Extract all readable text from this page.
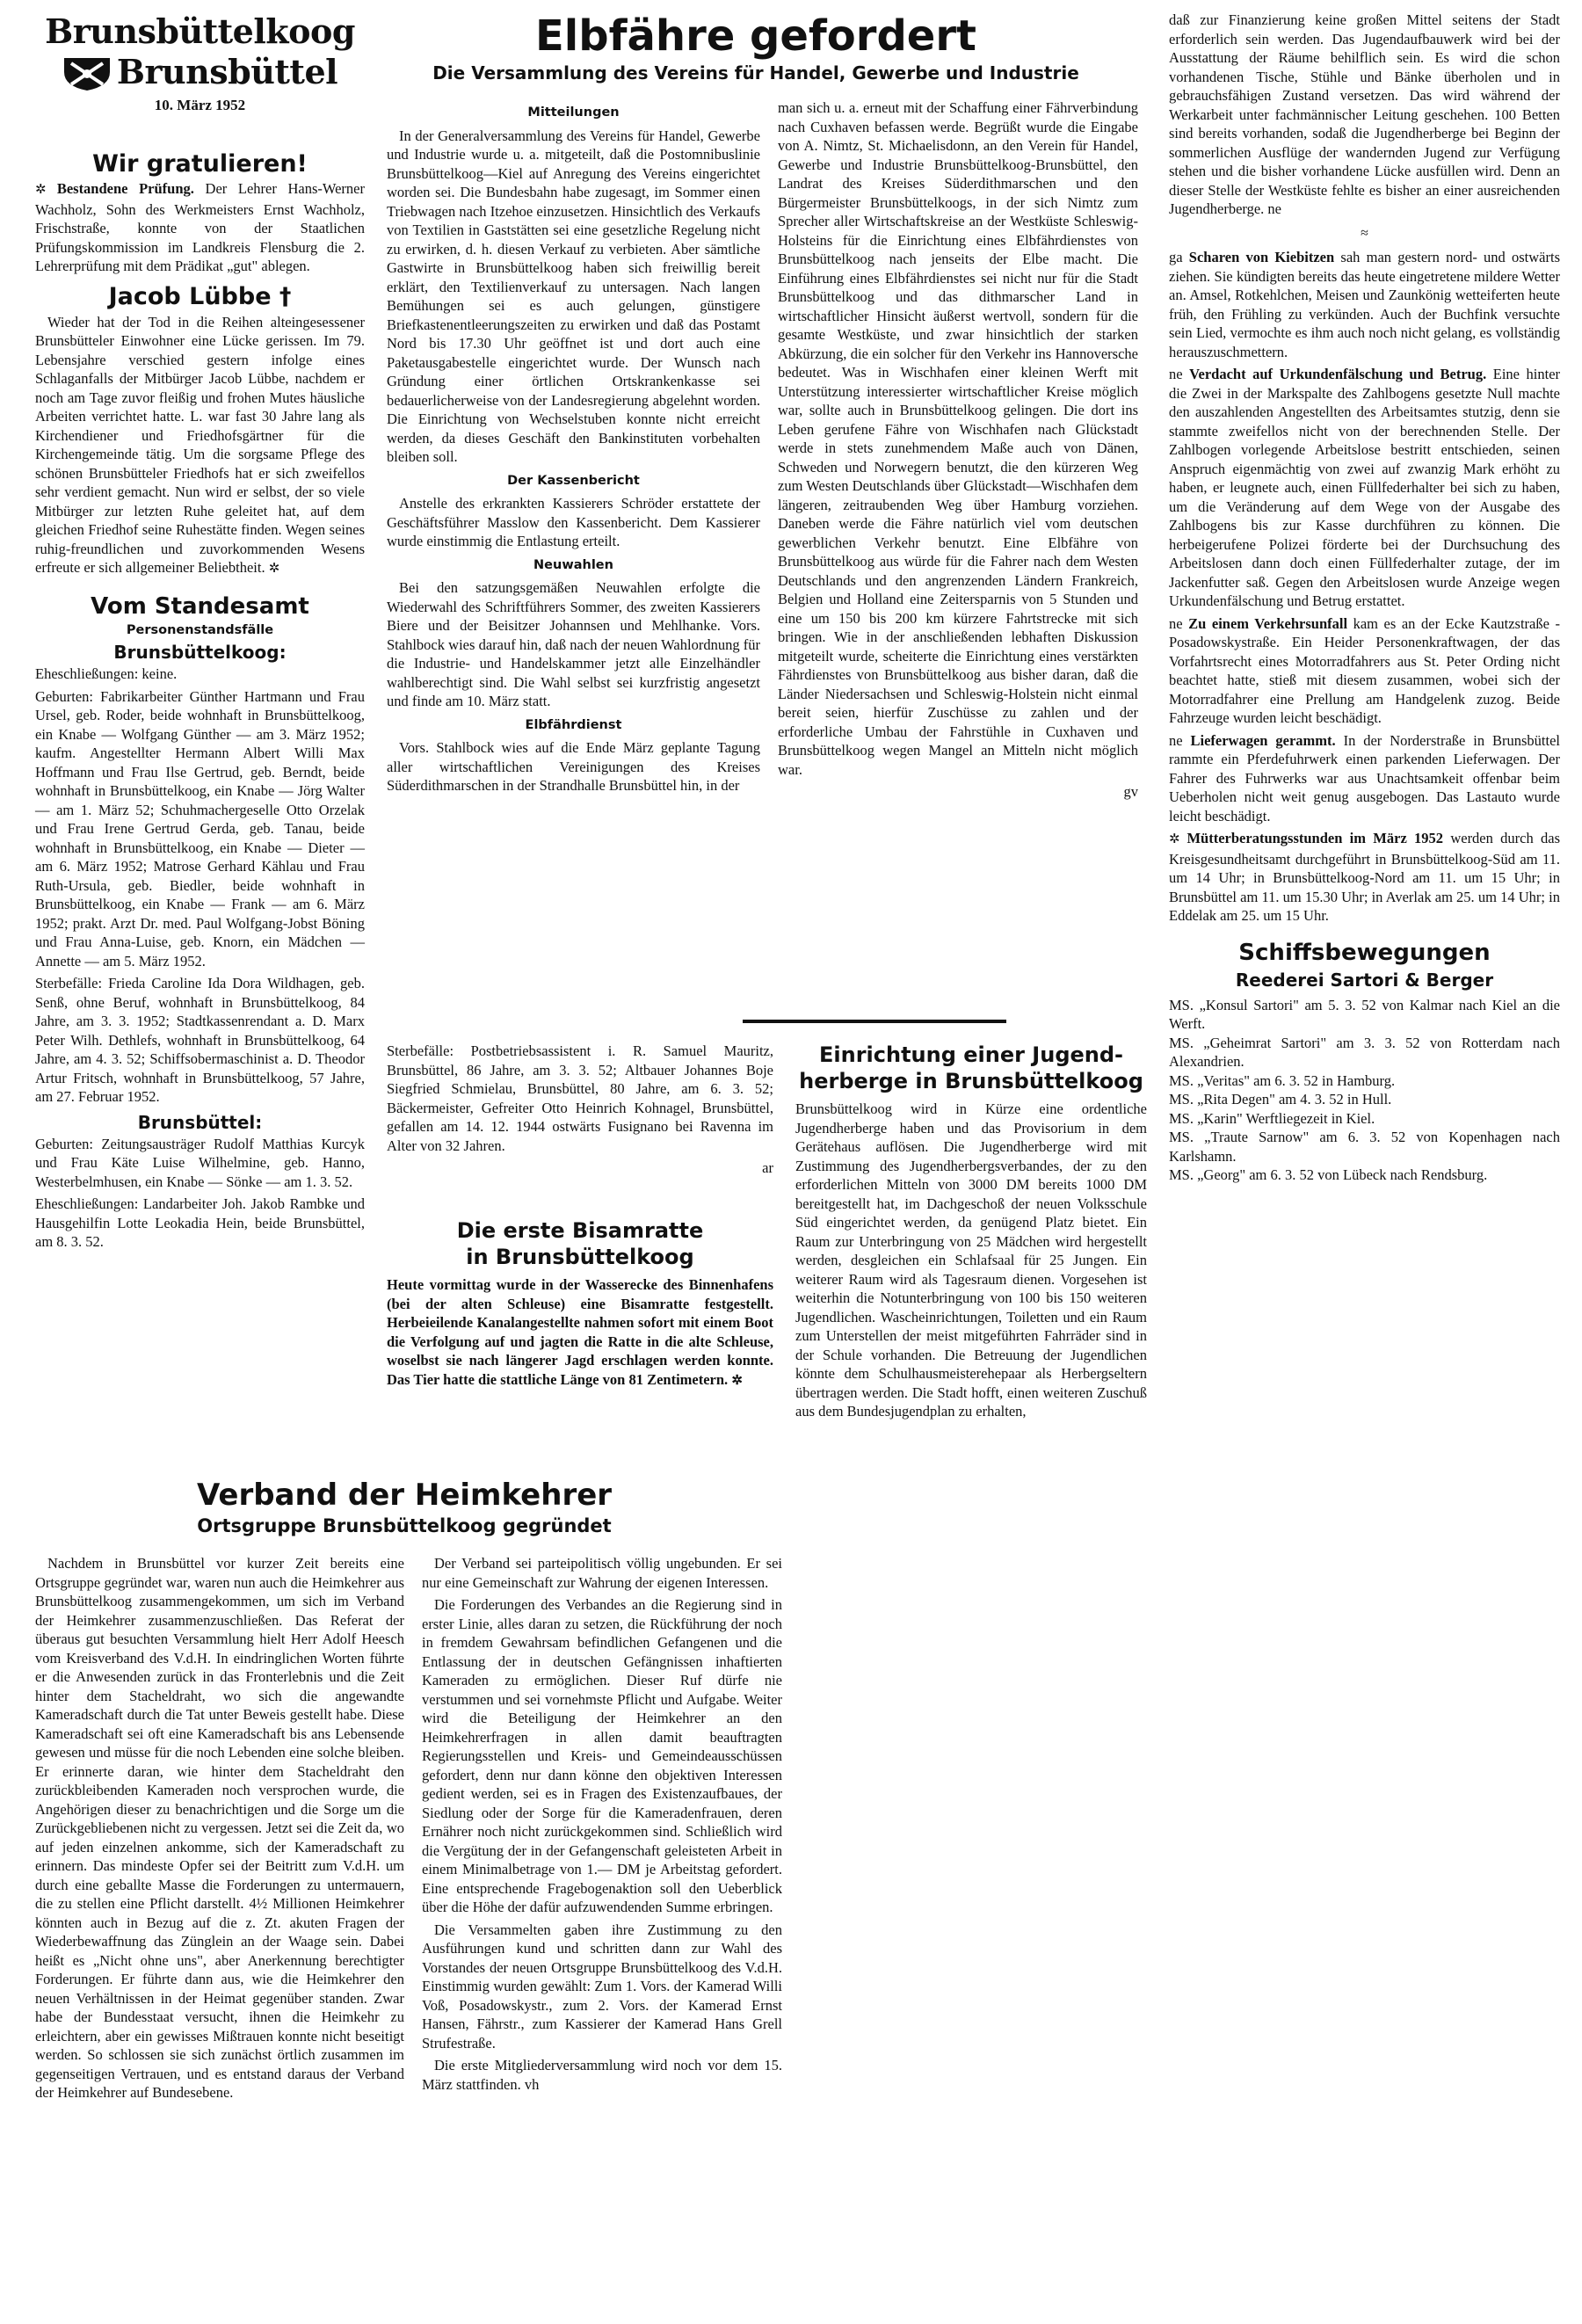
Brunsbüttelkoog
Brunsbüttel
10. März 1952
Wir gratulieren!

✲ Bestandene Prüfung. Der Lehrer Hans-Werner Wachholz, Sohn des Werkmeisters Ernst Wachholz, Frischstraße, konnte von der Staatlichen Prüfungskommission im Landkreis Flensburg die 2. Lehrerprüfung mit dem Prädikat „gut" ablegen.

Jacob Lübbe †

Wieder hat der Tod in die Reihen alteingesessener Brunsbütteler Einwohner eine Lücke gerissen. Im 79. Lebensjahre verschied gestern infolge eines Schlaganfalls der Mitbürger Jacob Lübbe, nachdem er noch am Tage zuvor fleißig und frohen Mutes häusliche Arbeiten verrichtet hatte. L. war fast 30 Jahre lang als Kirchendiener und Friedhofsgärtner für die Kirchengemeinde tätig. Um die sorgsame Pflege des schönen Brunsbütteler Friedhofs hat er sich zweifellos sehr verdient gemacht. Nun wird er selbst, der so viele Mitbürger zur letzten Ruhe geleitet hat, auf dem gleichen Friedhof seine Ruhestätte finden. Wegen seines ruhig-freundlichen und zuvorkommenden Wesens erfreute er sich allgemeiner Beliebtheit. ✲

Vom Standesamt
Personenstandsfälle
Brunsbüttelkoog:

Eheschließungen: keine.

Geburten: Fabrikarbeiter Günther Hartmann und Frau Ursel, geb. Roder, beide wohnhaft in Brunsbüttelkoog, ein Knabe — Wolfgang Günther — am 3. März 1952; kaufm. Angestellter Hermann Albert Willi Max Hoffmann und Frau Ilse Gertrud, geb. Berndt, beide wohnhaft in Brunsbüttelkoog, ein Knabe — Jörg Walter — am 1. März 52; Schuhmachergeselle Otto Orzelak und Frau Irene Gertrud Gerda, geb. Tanau, beide wohnhaft in Brunsbüttelkoog, ein Knabe — Dieter — am 6. März 1952; Matrose Gerhard Kählau und Frau Ruth-Ursula, geb. Biedler, beide wohnhaft in Brunsbüttelkoog, ein Knabe — Frank — am 6. März 1952; prakt. Arzt Dr. med. Paul Wolfgang-Jobst Böning und Frau Anna-Luise, geb. Knorn, ein Mädchen — Annette — am 5. März 1952.

Sterbefälle: Frieda Caroline Ida Dora Wildhagen, geb. Senß, ohne Beruf, wohnhaft in Brunsbüttelkoog, 84 Jahre, am 3. 3. 1952; Stadtkassenrendant a. D. Marx Peter Wilh. Dethlefs, wohnhaft in Brunsbüttelkoog, 64 Jahre, am 4. 3. 52; Schiffsobermaschinist a. D. Theodor Artur Fritsch, wohnhaft in Brunsbüttelkoog, 57 Jahre, am 27. Februar 1952.

Brunsbüttel:

Geburten: Zeitungsausträger Rudolf Matthias Kurcyk und Frau Käte Luise Wilhelmine, geb. Hanno, Westerbelmhusen, ein Knabe — Sönke — am 1. 3. 52.

Eheschließungen: Landarbeiter Joh. Jakob Rambke und Hausgehilfin Lotte Leokadia Hein, beide Brunsbüttel, am 8. 3. 52.

Elbfähre gefordert
Die Versammlung des Vereins für Handel, Gewerbe und Industrie
Mitteilungen

In der Generalversammlung des Vereins für Handel, Gewerbe und Industrie wurde u. a. mitgeteilt, daß die Postomnibuslinie Brunsbüttelkoog—Kiel auf Anregung des Vereins eingerichtet worden sei. Die Bundesbahn habe zugesagt, im Sommer einen Triebwagen nach Itzehoe einzusetzen. Hinsichtlich des Verkaufs von Textilien in Gaststätten sei eine gesetzliche Regelung nicht zu erwirken, d. h. diesen Verkauf zu verbieten. Aber sämtliche Gastwirte in Brunsbüttelkoog haben sich freiwillig bereit erklärt, den Textilienverkauf zu untersagen. Nach langen Bemühungen sei es auch gelungen, günstigere Briefkastenentleerungszeiten zu erwirken und daß das Postamt Nord bis 17.30 Uhr geöffnet ist und dort auch eine Paketausgabestelle eingerichtet wurde. Der Wunsch nach Gründung einer örtlichen Ortskrankenkasse sei bedauerlicherweise von der Landesregierung abgelehnt worden. Die Einrichtung von Wechselstuben konnte nicht erreicht werden, da dieses Geschäft den Bankinstituten vorbehalten bleiben soll.

Der Kassenbericht

Anstelle des erkrankten Kassierers Schröder erstattete der Geschäftsführer Masslow den Kassenbericht. Dem Kassierer wurde einstimmig die Entlastung erteilt.

Neuwahlen

Bei den satzungsgemäßen Neuwahlen erfolgte die Wiederwahl des Schriftführers Sommer, des zweiten Kassierers Biere und der Beisitzer Johannsen und Mehlhanke. Vors. Stahlbock wies darauf hin, daß nach der neuen Wahlordnung für die Industrie- und Handelskammer jetzt alle Einzelhändler wahlberechtigt sind. Die Wahl selbst sei kurzfristig angesetzt und finde am 10. März statt.

Elbfährdienst

Vors. Stahlbock wies auf die Ende März geplante Tagung aller wirtschaftlichen Vereinigungen des Kreises Süderdithmarschen in der Strandhalle Brunsbüttel hin, in der

man sich u. a. erneut mit der Schaffung einer Fährverbindung nach Cuxhaven befassen werde. Begrüßt wurde die Eingabe von A. Nimtz, St. Michaelisdonn, an den Verein für Handel, Gewerbe und Industrie Brunsbüttelkoog-Brunsbüttel, den Landrat des Kreises Süderdithmarschen und den Bürgermeister Brunsbüttelkoogs, in der sich Nimtz zum Sprecher aller Wirtschaftskreise an der Westküste Schleswig-Holsteins für die Einrichtung eines Elbfährdienstes von Brunsbüttelkoog nach jenseits der Elbe macht. Die Einführung eines Elbfährdienstes sei nicht nur für die Stadt Brunsbüttelkoog und das dithmarscher Land in wirtschaftlicher Hinsicht äußerst wertvoll, sondern für die gesamte Westküste, und zwar hinsichtlich der starken Abkürzung, die ein solcher für den Verkehr ins Hannoversche bedeutet. Was in Wischhafen einer kleinen Werft mit Unterstützung interessierter wirtschaftlicher Kreise möglich war, sollte auch in Brunsbüttelkoog gelingen. Die dort ins Leben gerufene Fähre von Wischhafen nach Glückstadt werde in stets zunehmendem Maße auch von Dänen, Schweden und Norwegern benutzt, die den kürzeren Weg zum Westen Deutschlands über Glückstadt—Wischhafen dem längeren, zeitraubenden Weg über Hamburg vorziehen. Daneben werde die Fähre natürlich viel vom deutschen gewerblichen Verkehr benutzt. Eine Elbfähre von Brunsbüttelkoog aus würde für die Fahrer nach dem Westen Deutschlands und den angrenzenden Ländern Frankreich, Belgien und Holland eine Zeitersparnis von 5 Stunden und eine um 150 bis 200 km kürzere Fahrtstrecke mit sich bringen. Wie in der anschließenden lebhaften Diskussion mitgeteilt wurde, scheiterte die Einrichtung eines verstärkten Fährdienstes von Brunsbüttelkoog aus bisher daran, daß die Länder Niedersachsen und Schleswig-Holstein nicht einmal bereit seien, hierfür Zuschüsse zu zahlen und der erforderliche Umbau der Fahrstühle in Cuxhaven und Brunsbüttelkoog wegen Mangel an Mitteln nicht möglich war.

gv

Sterbefälle: Postbetriebsassistent i. R. Samuel Mauritz, Brunsbüttel, 86 Jahre, am 3. 3. 52; Altbauer Johannes Boje Siegfried Schmielau, Brunsbüttel, 80 Jahre, am 6. 3. 52; Bäckermeister, Gefreiter Otto Heinrich Kohnagel, Brunsbüttel, gefallen am 14. 12. 1944 ostwärts Fusignano bei Ravenna im Alter von 32 Jahren.

ar
Die erste Bisamratte
in Brunsbüttelkoog

Heute vormittag wurde in der Wasserecke des Binnenhafens (bei der alten Schleuse) eine Bisamratte festgestellt. Herbeieilende Kanalangestellte nahmen sofort mit einem Boot die Verfolgung auf und jagten die Ratte in die alte Schleuse, woselbst sie nach längerer Jagd erschlagen werden konnte. Das Tier hatte die stattliche Länge von 81 Zentimetern. ✲

Einrichtung einer Jugend-
herberge in Brunsbüttelkoog

Brunsbüttelkoog wird in Kürze eine ordentliche Jugendherberge haben und das Provisorium in dem Gerätehaus auflösen. Die Jugendherberge wird mit Zustimmung des Jugendherbergsverbandes, der zu den erforderlichen Mitteln von 3000 DM bereits 1000 DM bereitgestellt hat, im Dachgeschoß der neuen Volksschule Süd eingerichtet werden, da genügend Platz bietet. Ein Raum zur Unterbringung von 25 Mädchen wird hergestellt werden, desgleichen ein Schlafsaal für 25 Jungen. Ein weiterer Raum wird als Tagesraum dienen. Vorgesehen ist weiterhin die Notunterbringung von 100 bis 150 weiteren Jugendlichen. Wascheinrichtungen, Toiletten und ein Raum zum Unterstellen der meist mitgeführten Fahrräder sind in der Schule vorhanden. Die Betreuung der Jugendlichen könnte dem Schulhausmeisterehepaar als Herbergseltern übertragen werden. Die Stadt hofft, einen weiteren Zuschuß aus dem Bundesjugendplan zu erhalten,

daß zur Finanzierung keine großen Mittel seitens der Stadt erforderlich sein werden. Das Jugendaufbauwerk wird bei der Ausstattung der Räume behilflich sein. Es wird die schon vorhandenen Tische, Stühle und Bänke überholen und in gebrauchsfähigen Zustand versetzen. Das wird während der Werkarbeit unter fachmännischer Leitung geschehen. 100 Betten sind bereits vorhanden, sodaß die Jugendherberge bei Beginn der sommerlichen Ausflüge der wandernden Jugend zur Verfügung stehen und die bisher vorhandene Lücke ausfüllen wird. Denn an dieser Stelle der Westküste fehlte es bisher an einer ausreichenden Jugendherberge. ne

≈

ga Scharen von Kiebitzen sah man gestern nord- und ostwärts ziehen. Sie kündigten bereits das heute eingetretene mildere Wetter an. Amsel, Rotkehlchen, Meisen und Zaunkönig wetteiferten heute früh, den Frühling zu verkünden. Auch der Buchfink versuchte sein Lied, vermochte es ihm auch noch nicht gelang, es vollständig herauszuschmettern.

ne Verdacht auf Urkundenfälschung und Betrug. Eine hinter die Zwei in der Markspalte des Zahlbogens gesetzte Null machte den auszahlenden Angestellten des Arbeitsamtes stutzig, denn sie stammte zweifellos nicht von der berechnenden Stelle. Der Zahlbogen vorlegende Arbeitslose bestritt entschieden, seinen Anspruch eigenmächtig von zwei auf zwanzig Mark erhöht zu haben, er leugnete auch, einen Füllfederhalter bei sich zu haben, um die Veränderung auf dem Wege von der Ausgabe des Zahlbogens bis zur Kasse durchführen zu können. Die herbeigerufene Polizei förderte bei der Durchsuchung des Arbeitslosen dann doch einen Füllfederhalter zutage, der im Jackenfutter saß. Gegen den Arbeitslosen wurde Anzeige wegen Urkundenfälschung und Betrug erstattet.

ne Zu einem Verkehrsunfall kam es an der Ecke Kautzstraße - Posadowskystraße. Ein Heider Personenkraftwagen, der das Vorfahrtsrecht eines Motorradfahrers aus St. Peter Ording nicht beachtet hatte, stieß mit diesem zusammen, wobei sich der Motorradfahrer eine Prellung am Handgelenk zuzog. Beide Fahrzeuge wurden leicht beschädigt.

ne Lieferwagen gerammt. In der Norderstraße in Brunsbüttel rammte ein Pferdefuhrwerk einen parkenden Lieferwagen. Der Fahrer des Fuhrwerks war aus Unachtsamkeit offenbar beim Ueberholen nicht weit genug ausgebogen. Das Lastauto wurde leicht beschädigt.

✲ Mütterberatungsstunden im März 1952 werden durch das Kreisgesundheitsamt durchgeführt in Brunsbüttelkoog-Süd am 11. um 14 Uhr; in Brunsbüttelkoog-Nord am 11. um 15 Uhr; in Brunsbüttel am 11. um 15.30 Uhr; in Averlak am 25. um 14 Uhr; in Eddelak am 25. um 15 Uhr.

Schiffsbewegungen
Reederei Sartori & Berger
MS. „Konsul Sartori" am 5. 3. 52 von Kalmar nach Kiel an die Werft.
MS. „Geheimrat Sartori" am 3. 3. 52 von Rotterdam nach Alexandrien.
MS. „Veritas" am 6. 3. 52 in Hamburg.
MS. „Rita Degen" am 4. 3. 52 in Hull.
MS. „Karin" Werftliegezeit in Kiel.
MS. „Traute Sarnow" am 6. 3. 52 von Kopenhagen nach Karlshamn.
MS. „Georg" am 6. 3. 52 von Lübeck nach Rendsburg.
Verband der Heimkehrer
Ortsgruppe Brunsbüttelkoog gegründet

Nachdem in Brunsbüttel vor kurzer Zeit bereits eine Ortsgruppe gegründet war, waren nun auch die Heimkehrer aus Brunsbüttelkoog zusammengekommen, um sich im Verband der Heimkehrer zusammenzuschließen. Das Referat der überaus gut besuchten Versammlung hielt Herr Adolf Heesch vom Kreisverband des V.d.H. In eindringlichen Worten führte er die Anwesenden zurück in das Fronterlebnis und die Zeit hinter dem Stacheldraht, wo sich die angewandte Kameradschaft durch die Tat unter Beweis gestellt habe. Diese Kameradschaft sei oft eine Kameradschaft bis ans Lebensende gewesen und müsse für die noch Lebenden eine solche bleiben. Er erinnerte daran, wie hinter dem Stacheldraht den zurückbleibenden Kameraden noch versprochen wurde, die Angehörigen dieser zu benachrichtigen und die Sorge um die Zurückgebliebenen nicht zu vergessen. Jetzt sei die Zeit da, wo auf jeden einzelnen ankomme, sich der Kameradschaft zu erinnern. Das mindeste Opfer sei der Beitritt zum V.d.H. um durch eine geballte Masse die Forderungen zu untermauern, die zu stellen eine Pflicht darstellt. 4½ Millionen Heimkehrer könnten auch in Bezug auf die z. Zt. akuten Fragen der Wiederbewaffnung das Zünglein an der Waage sein. Dabei heißt es „Nicht ohne uns", aber Anerkennung berechtigter Forderungen. Er führte dann aus, wie die Heimkehrer den neuen Verhältnissen in der Heimat gegenüber standen. Zwar habe der Bundesstaat versucht, ihnen die Heimkehr zu erleichtern, aber ein gewisses Mißtrauen konnte nicht beseitigt werden. So schlossen sie sich zunächst örtlich zusammen im gegenseitigen Vertrauen, und es entstand daraus der Verband der Heimkehrer auf Bundesebene.

Der Verband sei parteipolitisch völlig ungebunden. Er sei nur eine Gemeinschaft zur Wahrung der eigenen Interessen.

Die Forderungen des Verbandes an die Regierung sind in erster Linie, alles daran zu setzen, die Rückführung der noch in fremdem Gewahrsam befindlichen Gefangenen und die Entlassung der in deutschen Gefängnissen inhaftierten Kameraden zu ermöglichen. Dieser Ruf dürfe nie verstummen und sei vornehmste Pflicht und Aufgabe. Weiter wird die Beteiligung der Heimkehrer an den Heimkehrerfragen in allen damit beauftragten Regierungsstellen und Kreis- und Gemeindeausschüssen gefordert, denn nur dann könne den objektiven Interessen gedient werden, sei es in Fragen des Existenzaufbaues, der Siedlung oder der Sorge für die Kameradenfrauen, deren Ernährer noch nicht zurückgekommen sind. Schließlich wird die Vergütung der in der Gefangenschaft geleisteten Arbeit in einem Minimalbetrage von 1.— DM je Arbeitstag gefordert. Eine entsprechende Fragebogenaktion soll den Ueberblick über die Höhe der dafür aufzuwendenden Summe erbringen.

Die Versammelten gaben ihre Zustimmung zu den Ausführungen kund und schritten dann zur Wahl des Vorstandes der neuen Ortsgruppe Brunsbüttelkoog des V.d.H. Einstimmig wurden gewählt: Zum 1. Vors. der Kamerad Willi Voß, Posadowskystr., zum 2. Vors. der Kamerad Ernst Hansen, Fährstr., zum Kassierer der Kamerad Hans Grell Strufestraße.

Die erste Mitgliederversammlung wird noch vor dem 15. März stattfinden. vh
